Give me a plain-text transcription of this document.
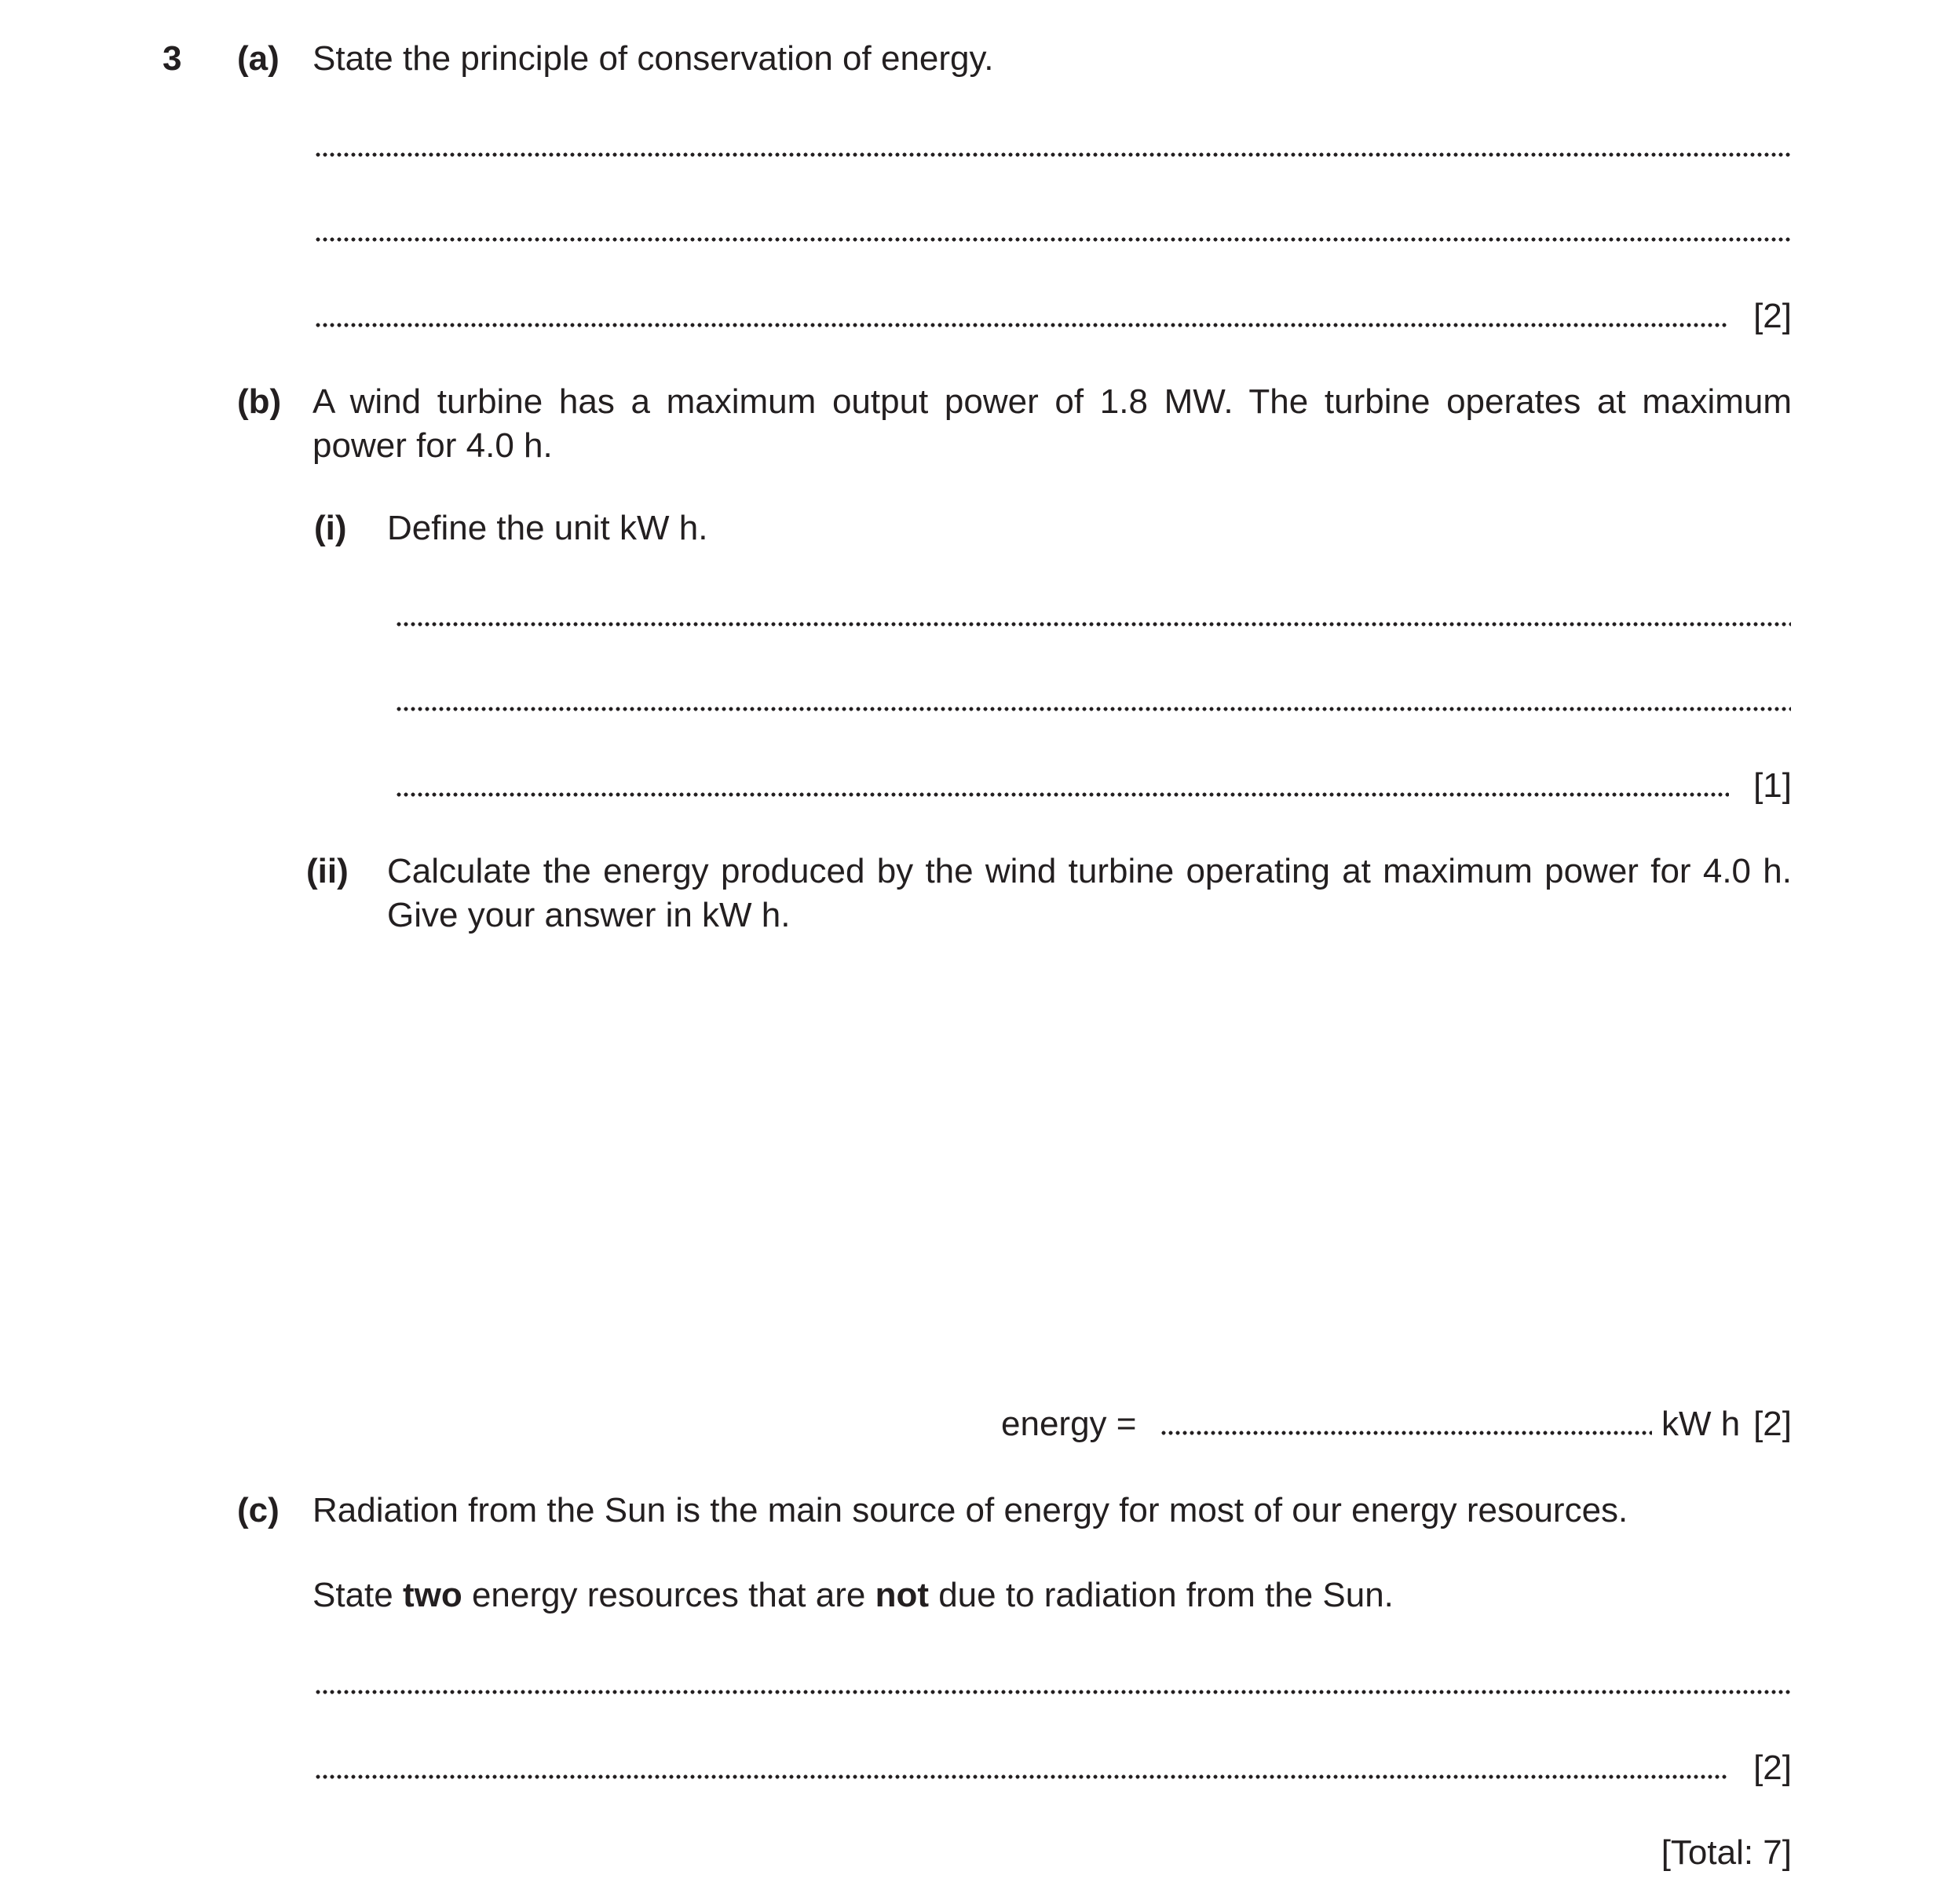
3 (a) State the principle of conservation of energy.
[2]
(b) A wind turbine has a maximum output power of 1.8 MW. The turbine operates at maximum power for 4.0 h.
(i) Define the unit kW h.
[1]
(ii) Calculate the energy produced by the wind turbine operating at maximum power for 4.0 h. Give your answer in kW h.
energy =	kW h [2]
(c) Radiation from the Sun is the main source of energy for most of our energy resources.
State two energy resources that are not due to radiation from the Sun.
[2]
[Total: 7]
